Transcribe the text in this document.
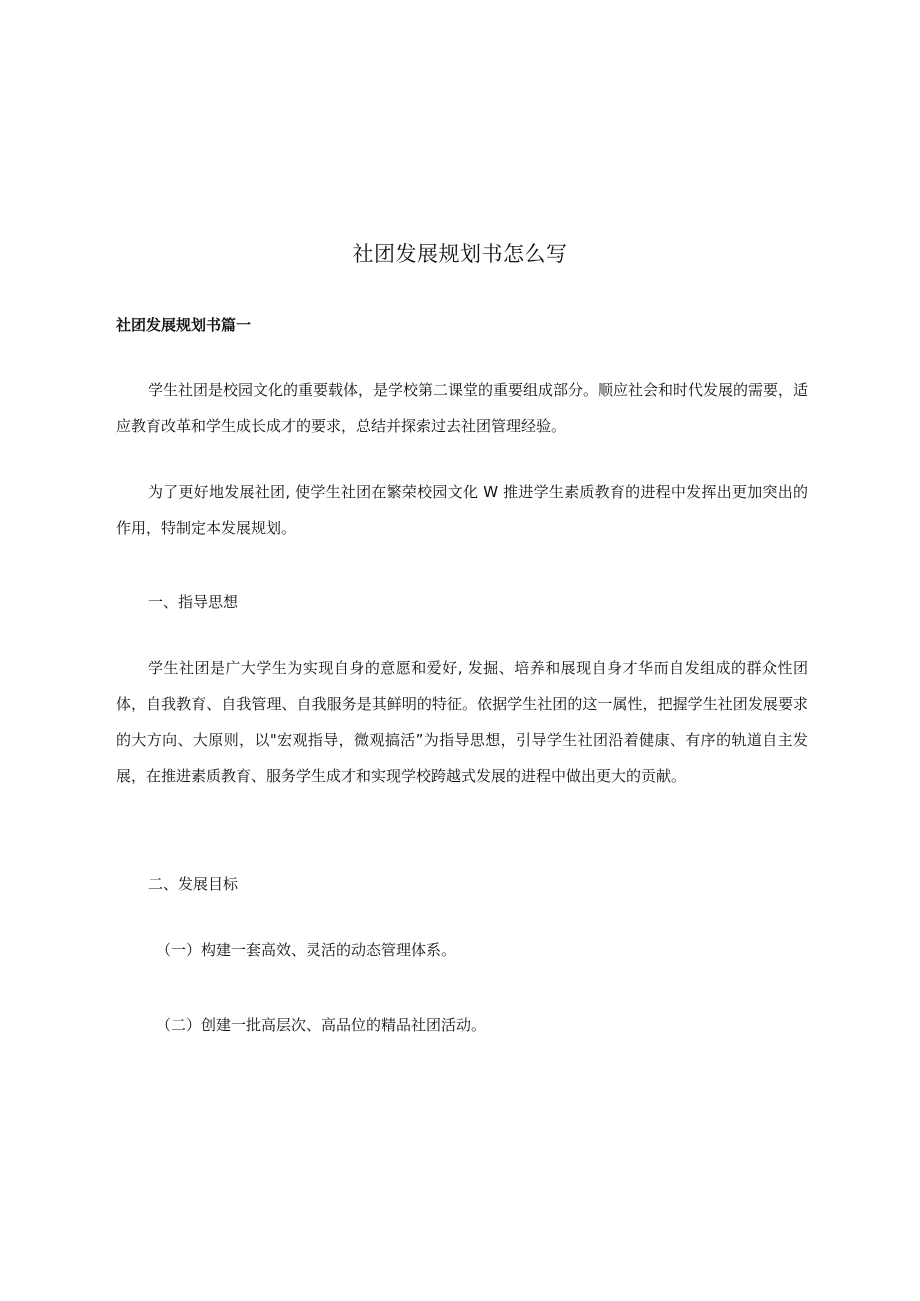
社团发展规划书怎么写
社团发展规划书篇一

学生社团是校园文化的重要载体，是学校第二课堂的重要组成部分。顺应社会和时代发展的需要，适应教育改革和学生成长成才的要求，总结并探索过去社团管理经验。

为了更好地发展社团, 使学生社团在繁荣校园文化 W 推进学生素质教育的进程中发挥出更加突出的作用，特制定本发展规划。

一、指导思想

学生社团是广大学生为实现自身的意愿和爱好, 发掘、培养和展现自身才华而自发组成的群众性团体，自我教育、自我管理、自我服务是其鲜明的特征。依据学生社团的这一属性，把握学生社团发展要求的大方向、大原则，以"宏观指导，微观搞活”为指导思想，引导学生社团沿着健康、有序的轨道自主发展，在推进素质教育、服务学生成才和实现学校跨越式发展的进程中做出更大的贡献。

二、发展目标

（一）构建一套高效、灵活的动态管理体系。

（二）创建一批高层次、高品位的精品社团活动。
